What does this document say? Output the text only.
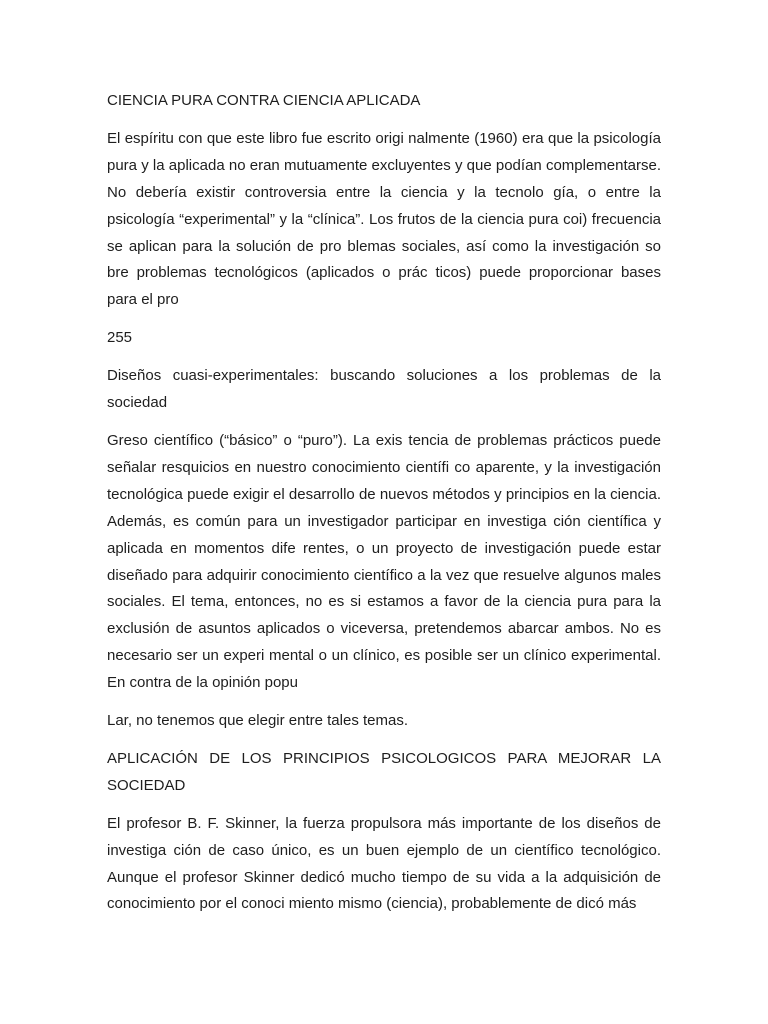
CIENCIA PURA CONTRA CIENCIA APLICADA

El espíritu con que este libro fue escrito origi nalmente (1960) era que la psicología pura y la aplicada no eran mutuamente excluyentes y que podían complementarse. No debería existir controversia entre la ciencia y la tecnolo gía, o entre la psicología “experimental” y la “clínica”. Los frutos de la ciencia pura coi) frecuencia se aplican para la solución de pro blemas sociales, así como la investigación so bre problemas tecnológicos (aplicados o prác ticos) puede proporcionar bases para el pro

255

Diseños cuasi-experimentales: buscando soluciones a los problemas de la sociedad

Greso científico (“básico” o “puro”). La exis tencia de problemas prácticos puede señalar resquicios en nuestro conocimiento científi co aparente, y la investigación tecnológica puede exigir el desarrollo de nuevos métodos y principios en la ciencia. Además, es común para un investigador participar en investiga ción científica y aplicada en momentos dife rentes, o un proyecto de investigación puede estar diseñado para adquirir conocimiento científico a la vez que resuelve algunos males sociales. El tema, entonces, no es si estamos a favor de la ciencia pura para la exclusión de asuntos aplicados o viceversa, pretendemos abarcar ambos. No es necesario ser un experi mental o un clínico, es posible ser un clínico experimental. En contra de la opinión popu

Lar, no tenemos que elegir entre tales temas.

APLICACIÓN DE LOS PRINCIPIOS PSICOLOGICOS PARA MEJORAR LA SOCIEDAD

El profesor B. F. Skinner, la fuerza propulsora más importante de los diseños de investiga ción de caso único, es un buen ejemplo de un científico tecnológico. Aunque el profesor Skinner dedicó mucho tiempo de su vida a la adquisición de conocimiento por el conoci miento mismo (ciencia), probablemente de dicó más
